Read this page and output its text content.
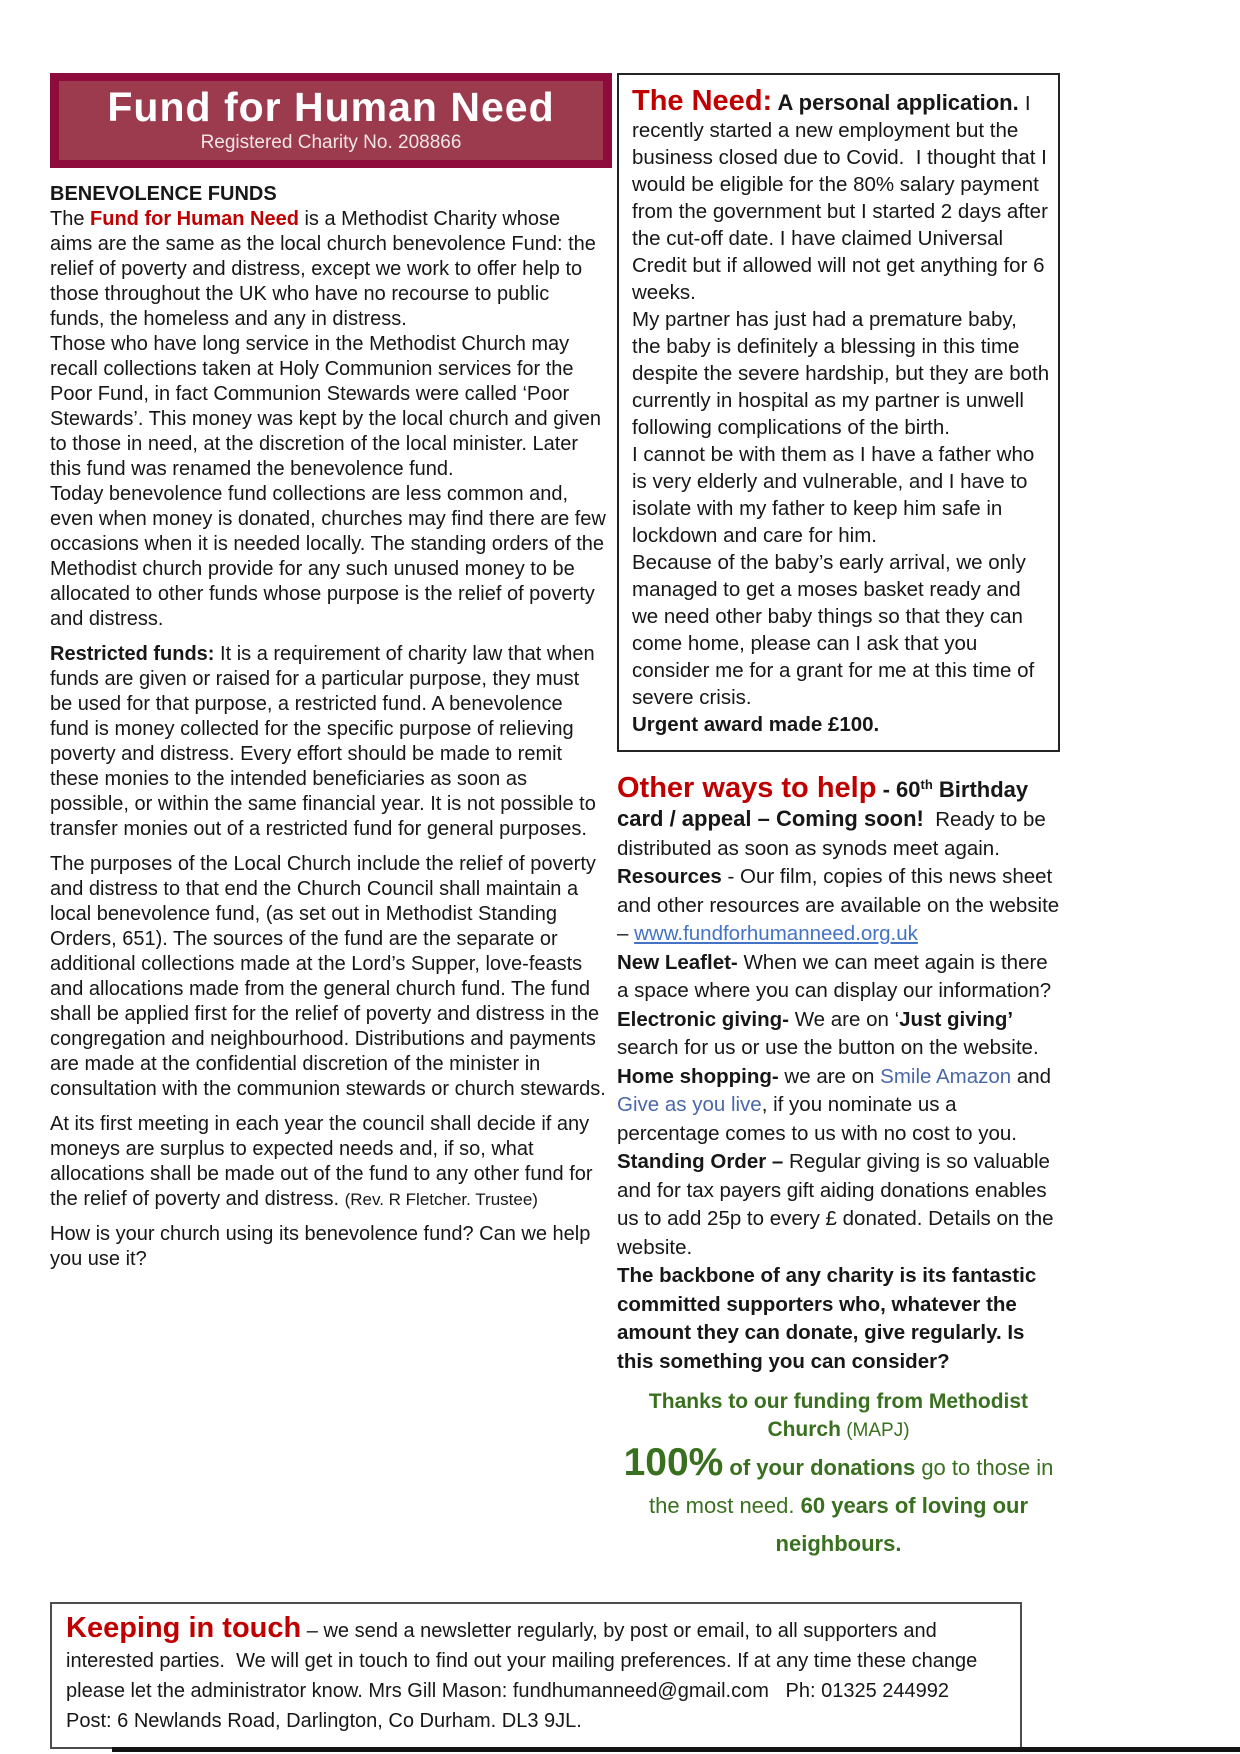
Fund for Human Need
Registered Charity No. 208866

BENEVOLENCE FUNDS

The Fund for Human Need is a Methodist Charity whose aims are the same as the local church benevolence Fund: the relief of poverty and distress, except we work to offer help to those throughout the UK who have no recourse to public funds, the homeless and any in distress.

Those who have long service in the Methodist Church may recall collections taken at Holy Communion services for the Poor Fund, in fact Communion Stewards were called ‘Poor Stewards’. This money was kept by the local church and given to those in need, at the discretion of the local minister. Later this fund was renamed the benevolence fund.

Today benevolence fund collections are less common and, even when money is donated, churches may find there are few occasions when it is needed locally. The standing orders of the Methodist church provide for any such unused money to be allocated to other funds whose purpose is the relief of poverty and distress.

Restricted funds: It is a requirement of charity law that when funds are given or raised for a particular purpose, they must be used for that purpose, a restricted fund. A benevolence fund is money collected for the specific purpose of relieving poverty and distress. Every effort should be made to remit these monies to the intended beneficiaries as soon as possible, or within the same financial year. It is not possible to transfer monies out of a restricted fund for general purposes.

The purposes of the Local Church include the relief of poverty and distress to that end the Church Council shall maintain a local benevolence fund, (as set out in Methodist Standing Orders, 651). The sources of the fund are the separate or additional collections made at the Lord’s Supper, love-feasts and allocations made from the general church fund. The fund shall be applied first for the relief of poverty and distress in the congregation and neighbourhood. Distributions and payments are made at the confidential discretion of the minister in consultation with the communion stewards or church stewards.

At its first meeting in each year the council shall decide if any moneys are surplus to expected needs and, if so, what allocations shall be made out of the fund to any other fund for the relief of poverty and distress. (Rev. R Fletcher. Trustee)

How is your church using its benevolence fund? Can we help you use it?

The Need: A personal application. I recently started a new employment but the business closed due to Covid.  I thought that I would be eligible for the 80% salary payment from the government but I started 2 days after the cut-off date. I have claimed Universal Credit but if allowed will not get anything for 6 weeks.

My partner has just had a premature baby, the baby is definitely a blessing in this time despite the severe hardship, but they are both currently in hospital as my partner is unwell following complications of the birth.

I cannot be with them as I have a father who is very elderly and vulnerable, and I have to isolate with my father to keep him safe in lockdown and care for him.

Because of the baby’s early arrival, we only managed to get a moses basket ready and we need other baby things so that they can come home, please can I ask that you consider me for a grant for me at this time of severe crisis.

Urgent award made £100.

Other ways to help - 60th Birthday card / appeal – Coming soon!  Ready to be distributed as soon as synods meet again.

Resources - Our film, copies of this news sheet and other resources are available on the website – www.fundforhumanneed.org.uk

New Leaflet- When we can meet again is there a space where you can display our information?

Electronic giving- We are on ‘Just giving’ search for us or use the button on the website.

Home shopping- we are on Smile Amazon and Give as you live, if you nominate us a percentage comes to us with no cost to you.

Standing Order – Regular giving is so valuable and for tax payers gift aiding donations enables us to add 25p to every £ donated. Details on the website.

The backbone of any charity is its fantastic committed supporters who, whatever the amount they can donate, give regularly. Is this something you can consider?

Thanks to our funding from Methodist Church (MAPJ)

100% of your donations go to those in the most need. 60 years of loving our neighbours.

Keeping in touch – we send a newsletter regularly, by post or email, to all supporters and interested parties.  We will get in touch to find out your mailing preferences. If at any time these change please let the administrator know. Mrs Gill Mason: fundhumanneed@gmail.com   Ph: 01325 244992    Post: 6 Newlands Road, Darlington, Co Durham. DL3 9JL.
